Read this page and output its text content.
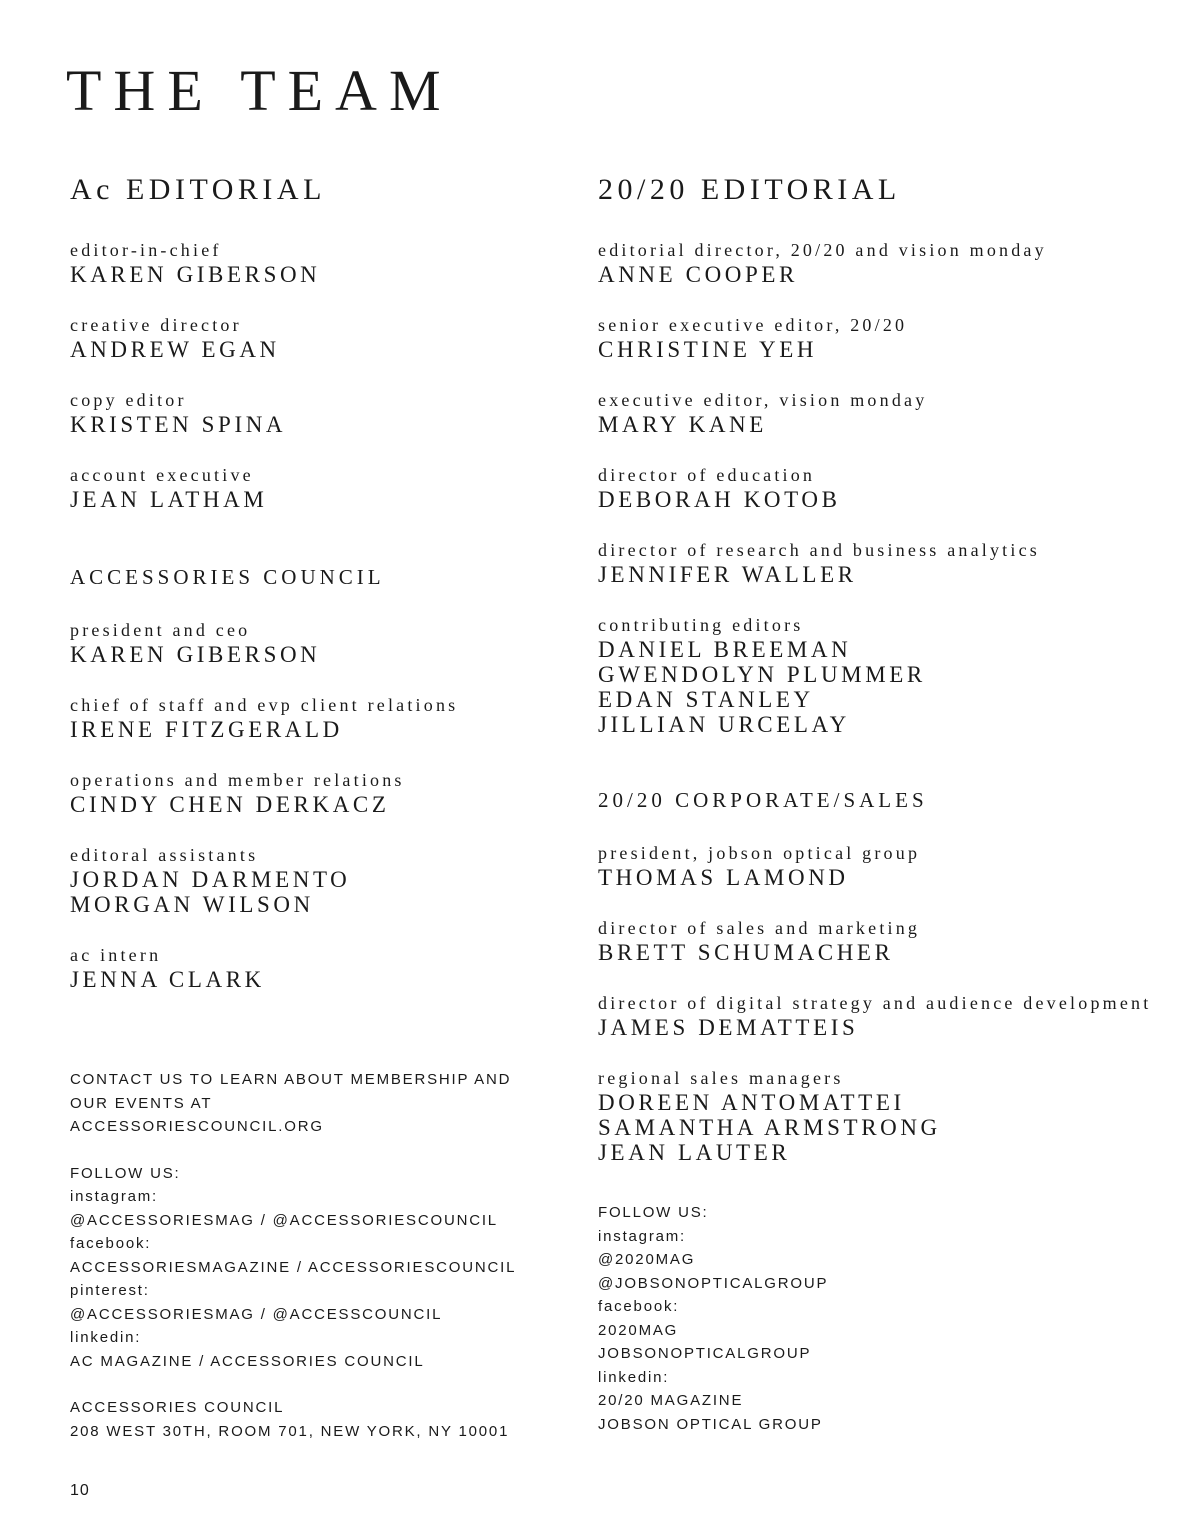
THE TEAM
Ac EDITORIAL
editor-in-chief
KAREN GIBERSON
creative director
ANDREW EGAN
copy editor
KRISTEN SPINA
account executive
JEAN LATHAM
ACCESSORIES COUNCIL
president and ceo
KAREN GIBERSON
chief of staff and evp client relations
IRENE FITZGERALD
operations and member relations
CINDY CHEN DERKACZ
editoral assistants
JORDAN DARMENTO
MORGAN WILSON
ac intern
JENNA CLARK
CONTACT US TO LEARN ABOUT MEMBERSHIP AND
OUR EVENTS AT
ACCESSORIESCOUNCIL.ORG
FOLLOW US:
instagram:
@ACCESSORIESMAG / @ACCESSORIESCOUNCIL
facebook:
ACCESSORIESMAGAZINE / ACCESSORIESCOUNCIL
pinterest:
@ACCESSORIESMAG / @ACCESSCOUNCIL
linkedin:
AC MAGAZINE / ACCESSORIES COUNCIL
ACCESSORIES COUNCIL
208 WEST 30TH, ROOM 701, NEW YORK, NY 10001
20/20 EDITORIAL
editorial director, 20/20 and vision monday
ANNE COOPER
senior executive editor, 20/20
CHRISTINE YEH
executive editor, vision monday
MARY KANE
director of education
DEBORAH KOTOB
director of research and business analytics
JENNIFER WALLER
contributing editors
DANIEL BREEMAN
GWENDOLYN PLUMMER
EDAN STANLEY
JILLIAN URCELAY
20/20 CORPORATE/SALES
president, jobson optical group
THOMAS LAMOND
director of sales and marketing
BRETT SCHUMACHER
director of digital strategy and audience development
JAMES DEMATTEIS
regional sales managers
DOREEN ANTOMATTEI
SAMANTHA ARMSTRONG
JEAN LAUTER
FOLLOW US:
instagram:
@2020MAG
@JOBSONOPTICALGROUP
facebook:
2020MAG
JOBSONOPTICALGROUP
linkedin:
20/20 MAGAZINE
JOBSON OPTICAL GROUP
10
